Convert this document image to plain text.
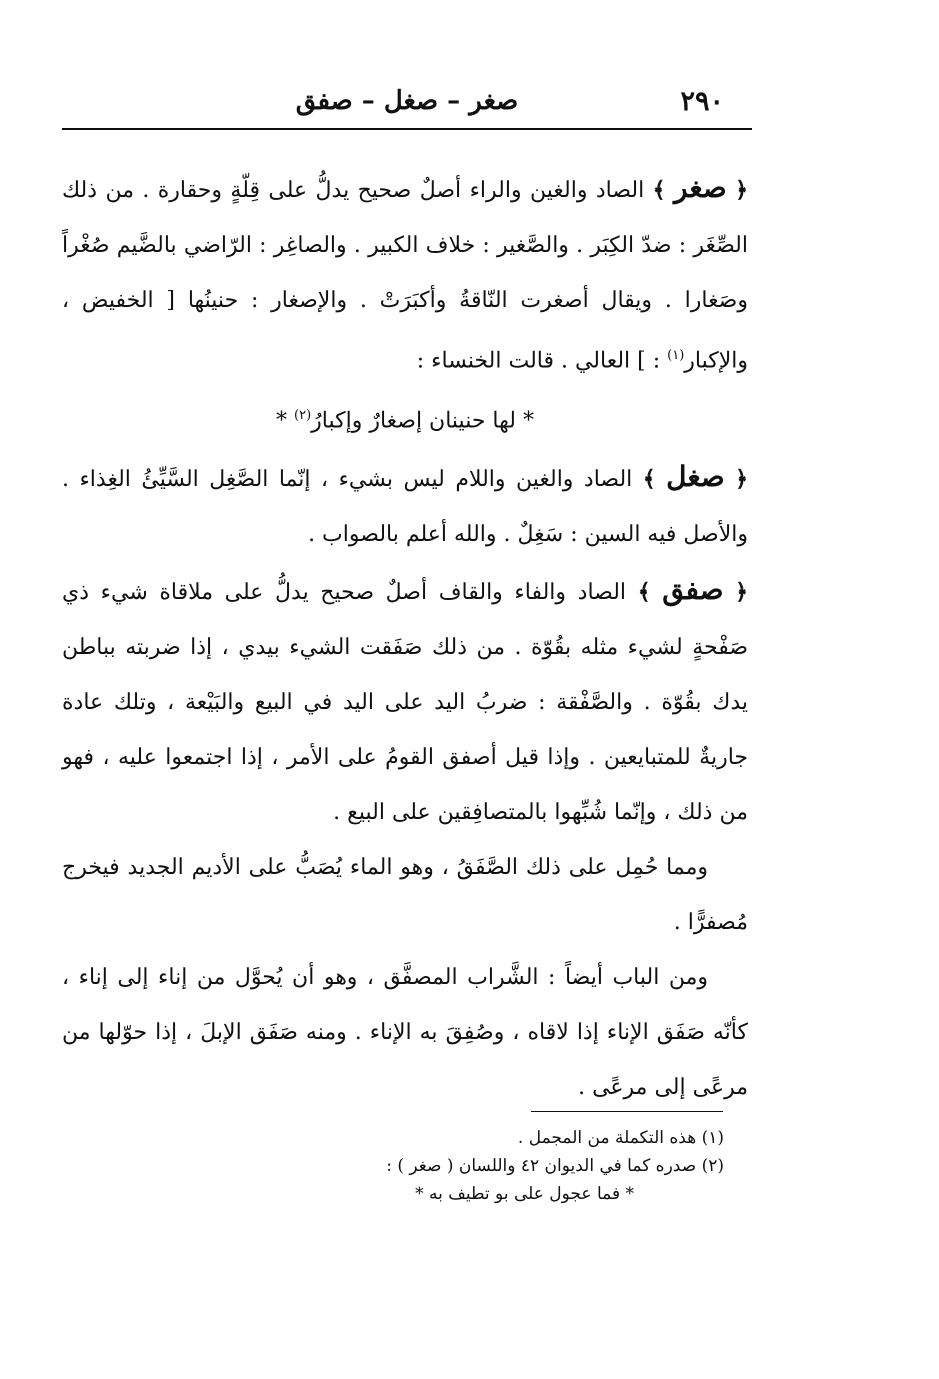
٢٩٠
صغر – صغل – صفق

﴿ صغر ﴾ الصاد والغين والراء أصلٌ صحيح يدلُّ على قِلّةٍ وحقارة . من ذلك الصِّغَر : ضدّ الكِبَر . والصَّغير : خلاف الكبير . والصاغِر : الرّاضي بالضَّيم صُغْراً وصَغارا . ويقال أصغرت النّاقةُ وأكبَرَتْ . والإصغار : حنينُها [ الخفيض ، والإكبار$^{(١)}$ : ] العالي . قالت الخنساء :

* لها حنينان إصغارٌ وإكبارُ$^{(٢)}$ *

﴿ صغل ﴾ الصاد والغين واللام ليس بشيء ، إنّما الصَّغِل السَّيِّئُ الغِذاء . والأصل فيه السين : سَغِلٌ . والله أعلم بالصواب .

﴿ صفق ﴾ الصاد والفاء والقاف أصلٌ صحيح يدلُّ على ملاقاة شيء ذي صَفْحةٍ لشيء مثله بقُوّة . من ذلك صَفَقت الشيء بيدي ، إذا ضربته بباطن يدك بقُوّة . والصَّفْقة : ضربُ اليد على اليد في البيع والبَيْعة ، وتلك عادة جاريةٌ للمتبايعين . وإذا قيل أصفق القومُ على الأمر ، إذا اجتمعوا عليه ، فهو من ذلك ، وإنّما شُبِّهوا بالمتصافِقين على البيع .

ومما حُمِل على ذلك الصَّفَقُ ، وهو الماء يُصَبُّ على الأديم الجديد فيخرج مُصفرًّا .

ومن الباب أيضاً : الشَّراب المصفَّق ، وهو أن يُحوَّل من إناء إلى إناء ، كأنّه صَفَق الإناء إذا لاقاه ، وصُفِقَ به الإناء . ومنه صَفَق الإبلَ ، إذا حوّلها من مرعًى إلى مرعًى .

(١) هذه التكملة من المجمل .

(٢) صدره كما في الديوان ٤٢ واللسان ( صغر ) :

* فما عجول على بو تطيف به *
